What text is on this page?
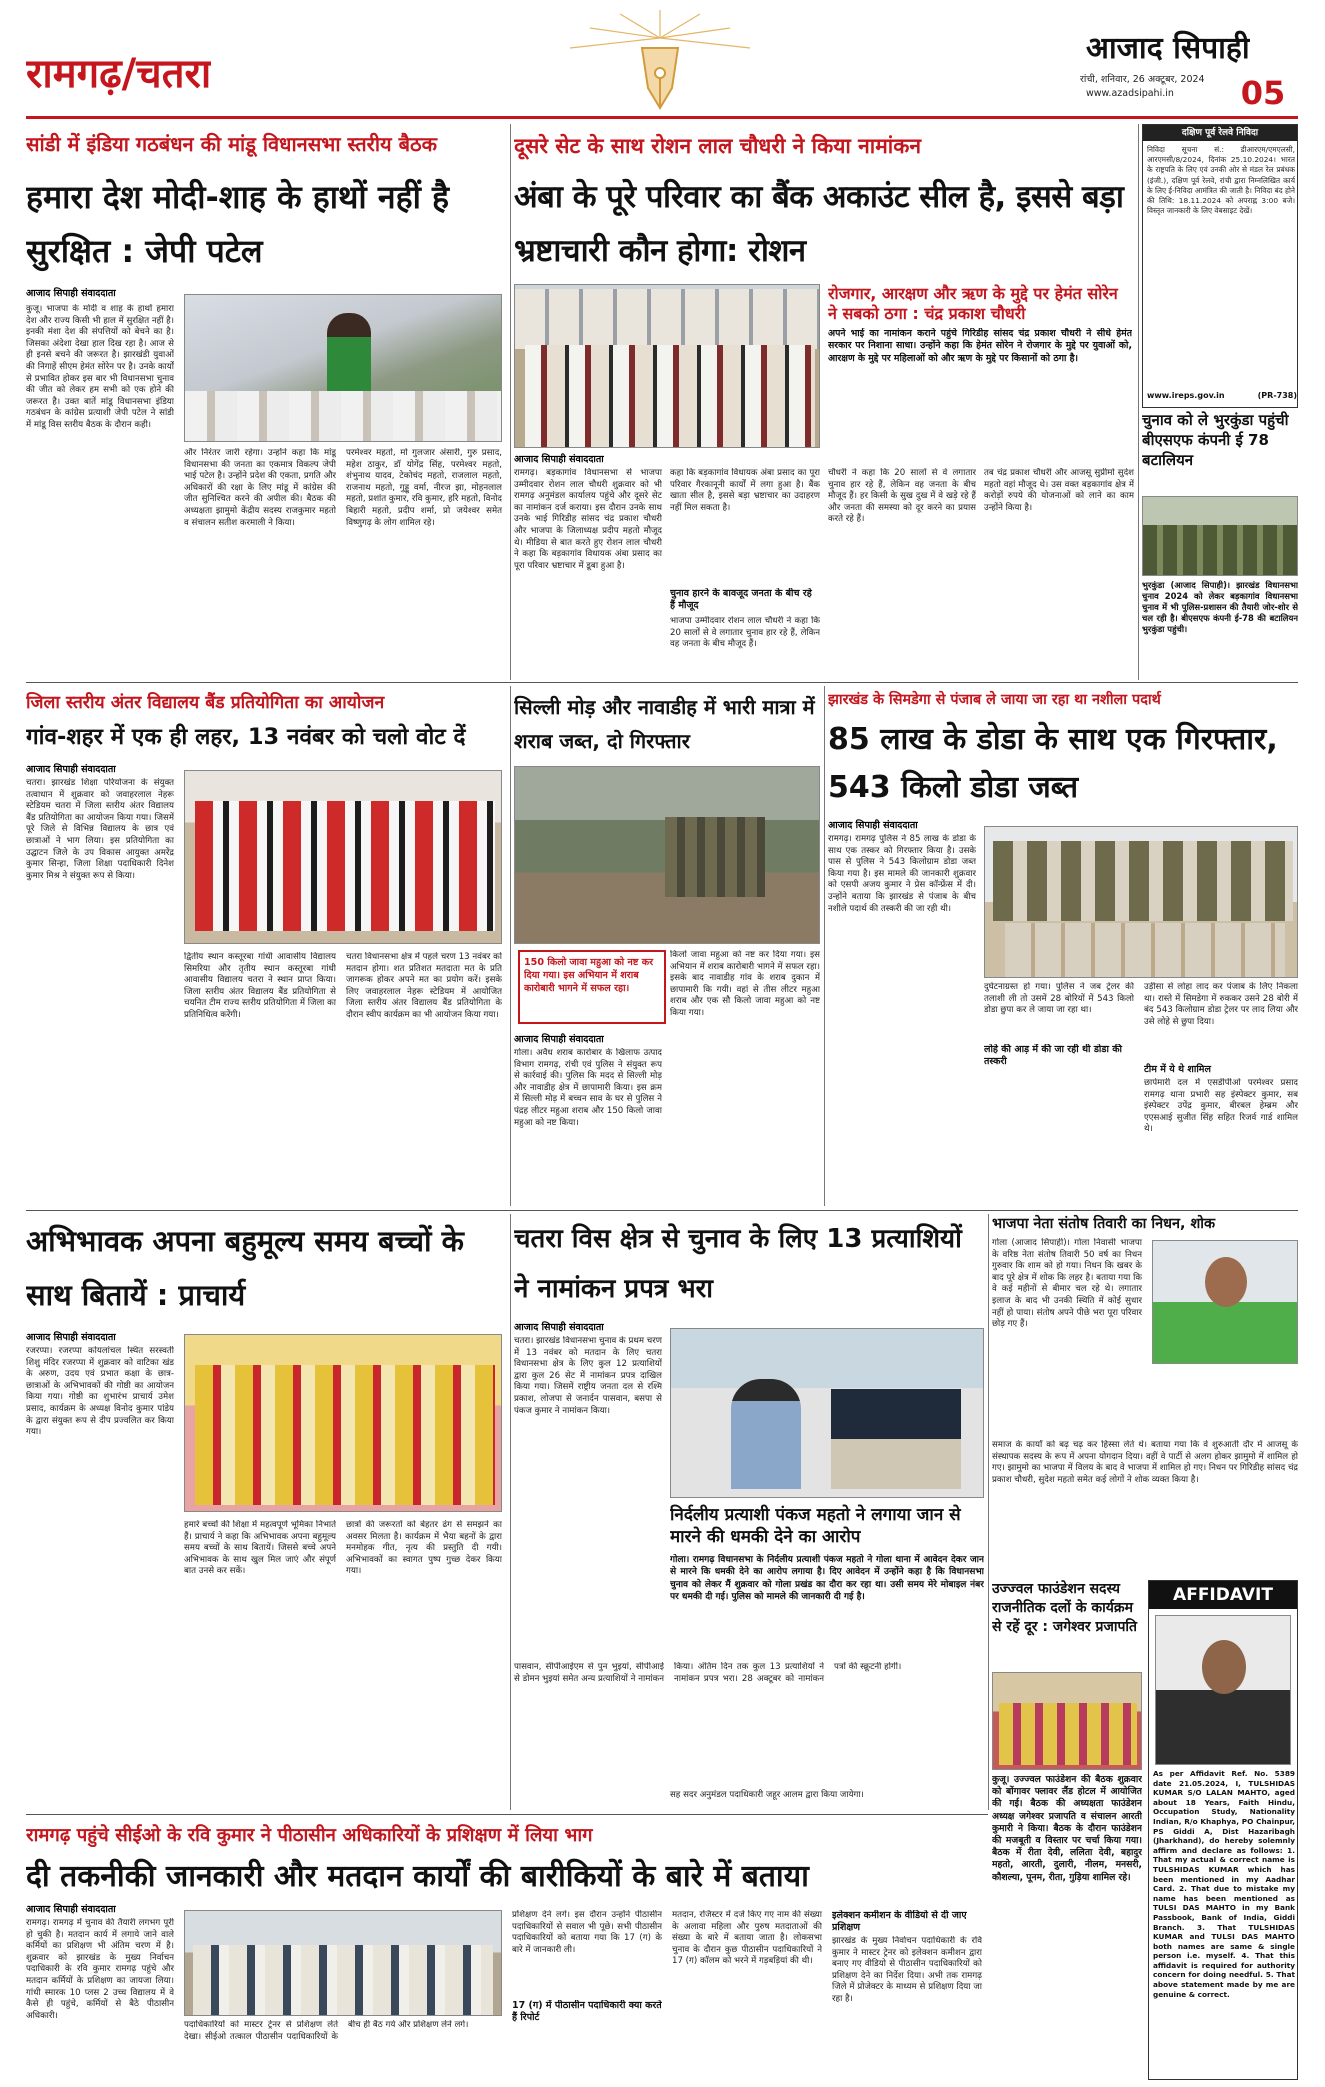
रामगढ़/चतरा
आजाद सिपाही
रांची, शनिवार, 26 अक्टूबर, 2024
www.azadsipahi.in	05
सांडी में इंडिया गठबंधन की मांडू विधानसभा स्तरीय बैठक
हमारा देश मोदी-शाह के हाथों नहीं है सुरक्षित : जेपी पटेल
आजाद सिपाही संवाददाता
कुजू। भाजपा के मोदी व शाह के हाथों हमारा देश और राज्य किसी भी हाल में सुरक्षित नहीं है। इनकी मंशा देश की संपत्तियों को बेचने का है। जिसका अंदेशा देखा हाल दिख रहा है। आज से ही इनसे बचने की जरूरत है। झारखंडी युवाओं की निगाहें सीएम हेमंत सोरेन पर है। उनके कार्यों से प्रभावित होकर इस बार भी विधानसभा चुनाव की जीत को लेकर हम सभी को एक होने की जरूरत है। उक्त बातें मांडू विधानसभा इंडिया गठबंधन के कांग्रेस प्रत्याशी जेपी पटेल ने सांडी में मांडू विस स्तरीय बैठक के दौरान कही।
और निरंतर जारी रहेगा। उन्होंने कहा कि मांडू विधानसभा की जनता का एकमात्र विकल्प जेपी भाई पटेल है। उन्होंने प्रदेश की एकता, प्रगति और अधिकारों की रक्षा के लिए मांडू में कांग्रेस की जीत सुनिश्चित करने की अपील की। बैठक की अध्यक्षता झामुमो केंद्रीय सदस्य राजकुमार महतो व संचालन सतीश करमाली ने किया।
परमेश्वर महतो, मो गुलजार अंसारी, गुरु प्रसाद, महेश ठाकुर, डॉ योगेंद्र सिंह, परमेश्वर महतो, शंभुनाथ यादव, टेकोचंद महतो, राजलाल महतो, राजनाथ महतो, गुड्डू वर्मा, नीरज झा, मोहनलाल महतो, प्रशांत कुमार, रवि कुमार, हरि महतो, विनोद बिहारी महतो, प्रदीप शर्मा, प्रो जयेश्वर समेत विष्णुगढ़ के लोग शामिल रहे।
दूसरे सेट के साथ रोशन लाल चौधरी ने किया नामांकन
अंबा के पूरे परिवार का बैंक अकाउंट सील है, इससे बड़ा भ्रष्टाचारी कौन होगा: रोशन
रोजगार, आरक्षण और ऋण के मुद्दे पर हेमंत सोरेन ने सबको ठगा : चंद्र प्रकाश चौधरी
अपने भाई का नामांकन कराने पहुंचे गिरिडीह सांसद चंद्र प्रकाश चौधरी ने सीधे हेमंत सरकार पर निशाना साधा। उन्होंने कहा कि हेमंत सोरेन ने रोजगार के मुद्दे पर युवाओं को, आरक्षण के मुद्दे पर महिलाओं को और ऋण के मुद्दे पर किसानों को ठगा है।
आजाद सिपाही संवाददाता
रामगढ़। बड़कागांव विधानसभा से भाजपा उम्मीदवार रोशन लाल चौधरी शुक्रवार को भी रामगढ़ अनुमंडल कार्यालय पहुंचे और दूसरे सेट का नामांकन दर्ज कराया। इस दौरान उनके साथ उनके भाई गिरिडीह सांसद चंद्र प्रकाश चौधरी और भाजपा के जिलाध्यक्ष प्रदीप महतो मौजूद थे। मीडिया से बात करते हुए रोशन लाल चौधरी ने कहा कि बड़कागांव विधायक अंबा प्रसाद का पूरा परिवार भ्रष्टाचार में डूबा हुआ है।
कहा कि बड़कागांव विधायक अंबा प्रसाद का पूरा परिवार गैरकानूनी कार्यों में लगा हुआ है। बैंक खाता सील है, इससे बड़ा भ्रष्टाचार का उदाहरण नहीं मिल सकता है।
चुनाव हारने के बावजूद जनता के बीच रहे हैं मौजूद
भाजपा उम्मीदवार रोशन लाल चौधरी ने कहा कि 20 सालों से वे लगातार चुनाव हार रहे हैं, लेकिन वह जनता के बीच मौजूद हैं।
चौधरी ने कहा कि 20 सालों से वे लगातार चुनाव हार रहे हैं, लेकिन वह जनता के बीच मौजूद हैं। हर किसी के सुख दुख में वे खड़े रहे हैं और जनता की समस्या को दूर करने का प्रयास करते रहे हैं।
तब चंद्र प्रकाश चौधरी और आजसू सुप्रीमो सुदेश महतो वहां मौजूद थे। उस वक्त बड़कागांव क्षेत्र में करोड़ों रुपये की योजनाओं को लाने का काम उन्होंने किया है।
दक्षिण पूर्व रेलवे निविदा
निविदा सूचना सं.: डीआरएम/एमएलसी, आरएमसी/8/2024, दिनांक 25.10.2024। भारत के राष्ट्रपति के लिए एवं उनकी ओर से मंडल रेल प्रबंधक (इंजी.), दक्षिण पूर्व रेलवे, रांची द्वारा निम्नलिखित कार्य के लिए ई-निविदा आमंत्रित की जाती है। निविदा बंद होने की तिथि: 18.11.2024 को अपराह्न 3:00 बजे। विस्तृत जानकारी के लिए वेबसाइट देखें।
www.ireps.gov.in	(PR-738)
चुनाव को ले भुरकुंडा पहुंची बीएसएफ कंपनी ई 78 बटालियन
भुरकुंडा (आजाद सिपाही)। झारखंड विधानसभा चुनाव 2024 को लेकर बड़कागांव विधानसभा चुनाव में भी पुलिस-प्रशासन की तैयारी जोर-शोर से चल रही है। बीएसएफ कंपनी ई-78 की बटालियन भुरकुंडा पहुंची।
जिला स्तरीय अंतर विद्यालय बैंड प्रतियोगिता का आयोजन
गांव-शहर में एक ही लहर, 13 नवंबर को चलो वोट दें
आजाद सिपाही संवाददाता
चतरा। झारखंड शिक्षा परियोजना के संयुक्त तत्वाधान में शुक्रवार को जवाहरलाल नेहरू स्टेडियम चतरा में जिला स्तरीय अंतर विद्यालय बैंड प्रतियोगिता का आयोजन किया गया। जिसमें पूरे जिले से विभिन्न विद्यालय के छात्र एवं छात्राओं ने भाग लिया। इस प्रतियोगिता का उद्घाटन जिले के उप विकास आयुक्त अमरेंद्र कुमार सिन्हा, जिला शिक्षा पदाधिकारी दिनेश कुमार मिश्र ने संयुक्त रूप से किया।
द्वितीय स्थान कस्तूरबा गांधी आवासीय विद्यालय सिमरिया और तृतीय स्थान कस्तूरबा गांधी आवासीय विद्यालय चतरा ने स्थान प्राप्त किया। जिला स्तरीय अंतर विद्यालय बैंड प्रतियोगिता से चयनित टीम राज्य स्तरीय प्रतियोगिता में जिला का प्रतिनिधित्व करेंगी।
चतरा विधानसभा क्षेत्र में पहले चरण 13 नवंबर को मतदान होगा। शत प्रतिशत मतदाता मत के प्रति जागरूक होकर अपने मत का प्रयोग करें। इसके लिए जवाहरलाल नेहरू स्टेडियम में आयोजित जिला स्तरीय अंतर विद्यालय बैंड प्रतियोगिता के दौरान स्वीप कार्यक्रम का भी आयोजन किया गया।
सिल्ली मोड़ और नावाडीह में भारी मात्रा में शराब जब्त, दो गिरफ्तार
150 किलो जावा महुआ को नष्ट कर दिया गया। इस अभियान में शराब कारोबारी भागने में सफल रहा।
आजाद सिपाही संवाददाता
गोला। अवैध शराब कारोबार के खिलाफ उत्पाद विभाग रामगढ़, रांची एवं पुलिस ने संयुक्त रूप से कार्रवाई की। पुलिस कि मदद से सिल्ली मोड़ और नावाडीह क्षेत्र में छापामारी किया। इस क्रम में सिल्ली मोड़ में बच्चन साव के घर से पुलिस ने पंद्रह लीटर महुआ शराब और 150 किलो जावा महुआ को नष्ट किया।
किलो जावा महुआ को नष्ट कर दिया गया। इस अभियान में शराब कारोबारी भागने में सफल रहा। इसके बाद नावाडीह गांव के शराब दुकान में छापामारी कि गयी। वहां से तीस लीटर महुआ शराब और एक सौ किलो जावा महुआ को नष्ट किया गया।
झारखंड के सिमडेगा से पंजाब ले जाया जा रहा था नशीला पदार्थ
85 लाख के डोडा के साथ एक गिरफ्तार, 543 किलो डोडा जब्त
आजाद सिपाही संवाददाता
रामगढ़। रामगढ़ पुलिस ने 85 लाख के डोडा के साथ एक तस्कर को गिरफ्तार किया है। उसके पास से पुलिस ने 543 किलोग्राम डोडा जब्त किया गया है। इस मामले की जानकारी शुक्रवार को एसपी अजय कुमार ने प्रेस कॉन्फ्रेंस में दी। उन्होंने बताया कि झारखंड से पंजाब के बीच नशीले पदार्थ की तस्करी की जा रही थी।
दुर्घटनाग्रस्त हो गया। पुलिस ने जब ट्रेलर की तलाशी ली तो उसमें 28 बोरियों में 543 किलो डोडा छुपा कर ले जाया जा रहा था।
लोहे की आड़ में की जा रही थी डोडा की तस्करी
उड़ीसा से लोहा लाद कर पंजाब के लिए निकला था। रास्ते में सिमडेगा में रुककर उसने 28 बोरी में बंद 543 किलोग्राम डोडा ट्रेलर पर लाद लिया और उसे लोहे से छुपा दिया।
टीम में ये थे शामिल
छापेमारी दल में एसडीपीओ परमेश्वर प्रसाद रामगढ़ थाना प्रभारी सह इंस्पेक्टर कुमार, सब इंस्पेक्टर उपेंद्र कुमार, बीरबल हेम्ब्रम और एएसआई सुजीत सिंह सहित रिजर्व गार्ड शामिल थे।
अभिभावक अपना बहुमूल्य समय बच्चों के साथ बितायें : प्राचार्य
आजाद सिपाही संवाददाता
रजरप्पा। रजरप्पा कोयलांचल स्थित सरस्वती शिशु मंदिर रजरप्पा में शुक्रवार को वाटिका खंड के अरुण, उदय एवं प्रभात कक्षा के छात्र-छात्राओं के अभिभावकों की गोष्ठी का आयोजन किया गया। गोष्ठी का शुभारंभ प्राचार्य उमेश प्रसाद, कार्यक्रम के अध्यक्ष विनोद कुमार पांडेय के द्वारा संयुक्त रूप से दीप प्रज्वलित कर किया गया।
हमारे बच्चों की शिक्षा में महत्वपूर्ण भूमिका निभाते हैं। प्राचार्य ने कहा कि अभिभावक अपना बहुमूल्य समय बच्चों के साथ बितायें। जिससे बच्चे अपने अभिभावक के साथ खुल मिल जाएं और संपूर्ण बात उनसे कर सकें।
छात्रों की जरूरतों को बेहतर ढंग से समझने का अवसर मिलता है। कार्यक्रम में भैया बहनों के द्वारा मनमोहक गीत, नृत्य की प्रस्तुति दी गयी। अभिभावकों का स्वागत पुष्प गुच्छ देकर किया गया।
चतरा विस क्षेत्र से चुनाव के लिए 13 प्रत्याशियों ने नामांकन प्रपत्र भरा
आजाद सिपाही संवाददाता
चतरा। झारखंड विधानसभा चुनाव के प्रथम चरण में 13 नवंबर को मतदान के लिए चतरा विधानसभा क्षेत्र के लिए कुल 12 प्रत्याशियों द्वारा कुल 26 सेट में नामांकन प्रपत्र दाखिल किया गया। जिसमें राष्ट्रीय जनता दल से रश्मि प्रकाश, लोजपा से जनार्दन पासवान, बसपा से पंकज कुमार ने नामांकन किया।
निर्दलीय प्रत्याशी पंकज महतो ने लगाया जान से मारने की धमकी देने का आरोप
गोला। रामगढ़ विधानसभा के निर्दलीय प्रत्याशी पंकज महतो ने गोला थाना में आवेदन देकर जान से मारने कि धमकी देने का आरोप लगाया है। दिए आवेदन में उन्होंने कहा है कि विधानसभा चुनाव को लेकर मैं शुक्रवार को गोला प्रखंड का दौरा कर रहा था। उसी समय मेरे मोबाइल नंबर पर धमकी दी गई। पुलिस को मामले की जानकारी दी गई है।
पासवान, सीपीआईएम से पुन भुइयां, सीपीआई से डोमन भुइयां समेत अन्य प्रत्याशियों ने नामांकन किया। अंतिम दिन तक कुल 13 प्रत्याशियों ने नामांकन प्रपत्र भरा। 28 अक्टूबर को नामांकन पत्रों की स्क्रूटनी होगी।
सह सदर अनुमंडल पदाधिकारी जहूर आलम द्वारा किया जायेगा।
भाजपा नेता संतोष तिवारी का निधन, शोक
गोला (आजाद सिपाही)। गोला निवासी भाजपा के वरिष्ठ नेता संतोष तिवारी 50 वर्ष का निधन गुरुवार कि शाम को हो गया। निधन कि खबर के बाद पूरे क्षेत्र में शोक कि लहर है। बताया गया कि वे कई महीनों से बीमार चल रहे थे। लगातार इलाज के बाद भी उनकी स्थिति में कोई सुधार नहीं हो पाया। संतोष अपने पीछे भरा पूरा परिवार छोड़ गए हैं।
समाज के कार्यों को बढ़ चढ़ कर हिस्सा लेते थे। बताया गया कि वे शुरुआती दौर में आजसू के संस्थापक सदस्य के रूप में अपना योगदान दिया। वहीं वे पार्टी से अलग होकर झामुमो में शामिल हो गए। झामुमो का भाजपा में विलय के बाद वे भाजपा में शामिल हो गए। निधन पर गिरिडीह सांसद चंद्र प्रकाश चौधरी, सुदेश महतो समेत कई लोगों ने शोक व्यक्त किया है।
उज्ज्वल फाउंडेशन सदस्य राजनीतिक दलों के कार्यक्रम से रहें दूर : जगेश्वर प्रजापति
कुजू। उज्ज्वल फाउंडेशन की बैठक शुक्रवार को बोंगावर फ्लावर लैंड होटल में आयोजित की गई। बैठक की अध्यक्षता फाउंडेशन अध्यक्ष जगेश्वर प्रजापति व संचालन आरती कुमारी ने किया। बैठक के दौरान फाउंडेशन की मजबूती व विस्तार पर चर्चा किया गया। बैठक में रीता देवी, ललिता देवी, बहादुर महतो, आरती, दुलारी, नीलम, मनसरी, कौशल्या, पूनम, रीता, गुड़िया शामिल रहे।
AFFIDAVIT
As per Affidavit Ref. No. 5389 date 21.05.2024, I, TULSHIDAS KUMAR S/O LALAN MAHTO, aged about 18 Years, Faith Hindu, Occupation Study, Nationality Indian, R/o Khaphya, PO Chainpur, PS Giddi A, Dist Hazaribagh (Jharkhand), do hereby solemnly affirm and declare as follows: 1. That my actual & correct name is TULSHIDAS KUMAR which has been mentioned in my Aadhar Card. 2. That due to mistake my name has been mentioned as TULSI DAS MAHTO in my Bank Passbook, Bank of India, Giddi Branch. 3. That TULSHIDAS KUMAR and TULSI DAS MAHTO both names are same & single person i.e. myself. 4. That this affidavit is required for authority concern for doing needful. 5. That above statement made by me are genuine & correct.
रामगढ़ पहुंचे सीईओ के रवि कुमार ने पीठासीन अधिकारियों के प्रशिक्षण में लिया भाग
दी तकनीकी जानकारी और मतदान कार्यों की बारीकियों के बारे में बताया
आजाद सिपाही संवाददाता
रामगढ़। रामगढ़ में चुनाव की तैयारी लगभग पूरी हो चुकी है। मतदान कार्य में लगाये जाने वाले कर्मियों का प्रशिक्षण भी अंतिम चरण में है। शुक्रवार को झारखंड के मुख्य निर्वाचन पदाधिकारी के रवि कुमार रामगढ़ पहुंचे और मतदान कर्मियों के प्रशिक्षण का जायजा लिया। गांधी स्मारक 10 प्लस 2 उच्च विद्यालय में वे कैसे ही पहुंचे, कर्मियों से बैठे पीठासीन अधिकारी।
पदाधिकारियों को मास्टर ट्रेनर से प्रशिक्षण लेते देखा। सीईओ तत्काल पीठासीन पदाधिकारियों के बीच ही बैठ गये और प्रशिक्षण लेने लगे।
प्रशिक्षण देने लगे। इस दौरान उन्होंने पीठासीन पदाधिकारियों से सवाल भी पूछे। सभी पीठासीन पदाधिकारियों को बताया गया कि 17 (ग) के बारे में जानकारी ली।
17 (ग) में पीठासीन पदाधिकारी क्या करते हैं रिपोर्ट
मतदान, रजिस्टर में दर्ज किए गए नाम की संख्या के अलावा महिला और पुरुष मतदाताओं की संख्या के बारे में बताया जाता है। लोकसभा चुनाव के दौरान कुछ पीठासीन पदाधिकारियों ने 17 (ग) कॉलम को भरने में गड़बड़ियां की थी।
इलेक्शन कमीशन के वीडियो से दी जाए प्रशिक्षण
झारखंड के मुख्य निर्वाचन पदाधिकारी के रवि कुमार ने मास्टर ट्रेनर को इलेक्शन कमीशन द्वारा बनाए गए वीडियो से पीठासीन पदाधिकारियों को प्रशिक्षण देने का निर्देश दिया। अभी तक रामगढ़ जिले में प्रोजेक्टर के माध्यम से प्रशिक्षण दिया जा रहा है।
